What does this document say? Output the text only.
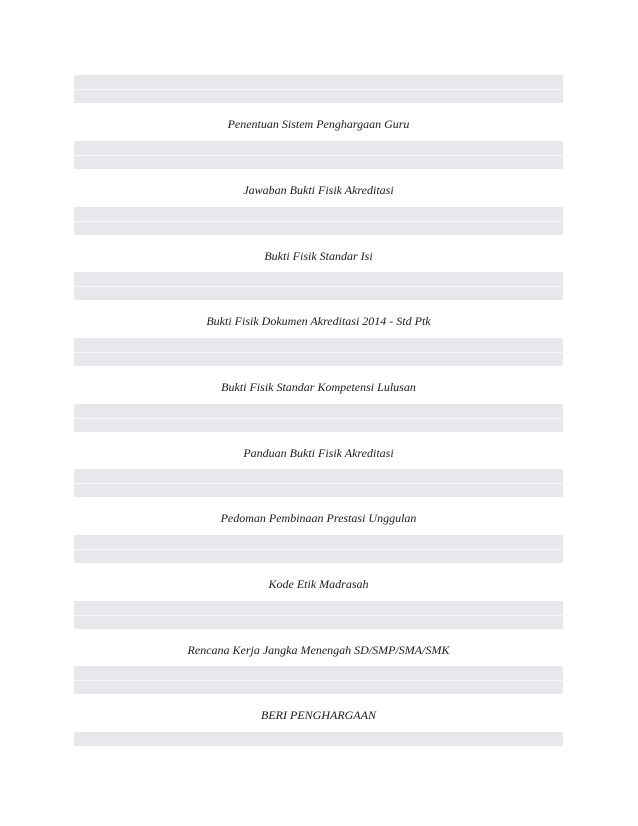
Penentuan Sistem Penghargaan Guru
Jawaban Bukti Fisik Akreditasi
Bukti Fisik Standar Isi
Bukti Fisik Dokumen Akreditasi 2014 - Std Ptk
Bukti Fisik Standar Kompetensi Lulusan
Panduan Bukti Fisik Akreditasi
Pedoman Pembinaan Prestasi Unggulan
Kode Etik Madrasah
Rencana Kerja Jangka Menengah SD/SMP/SMA/SMK
BERI PENGHARGAAN
